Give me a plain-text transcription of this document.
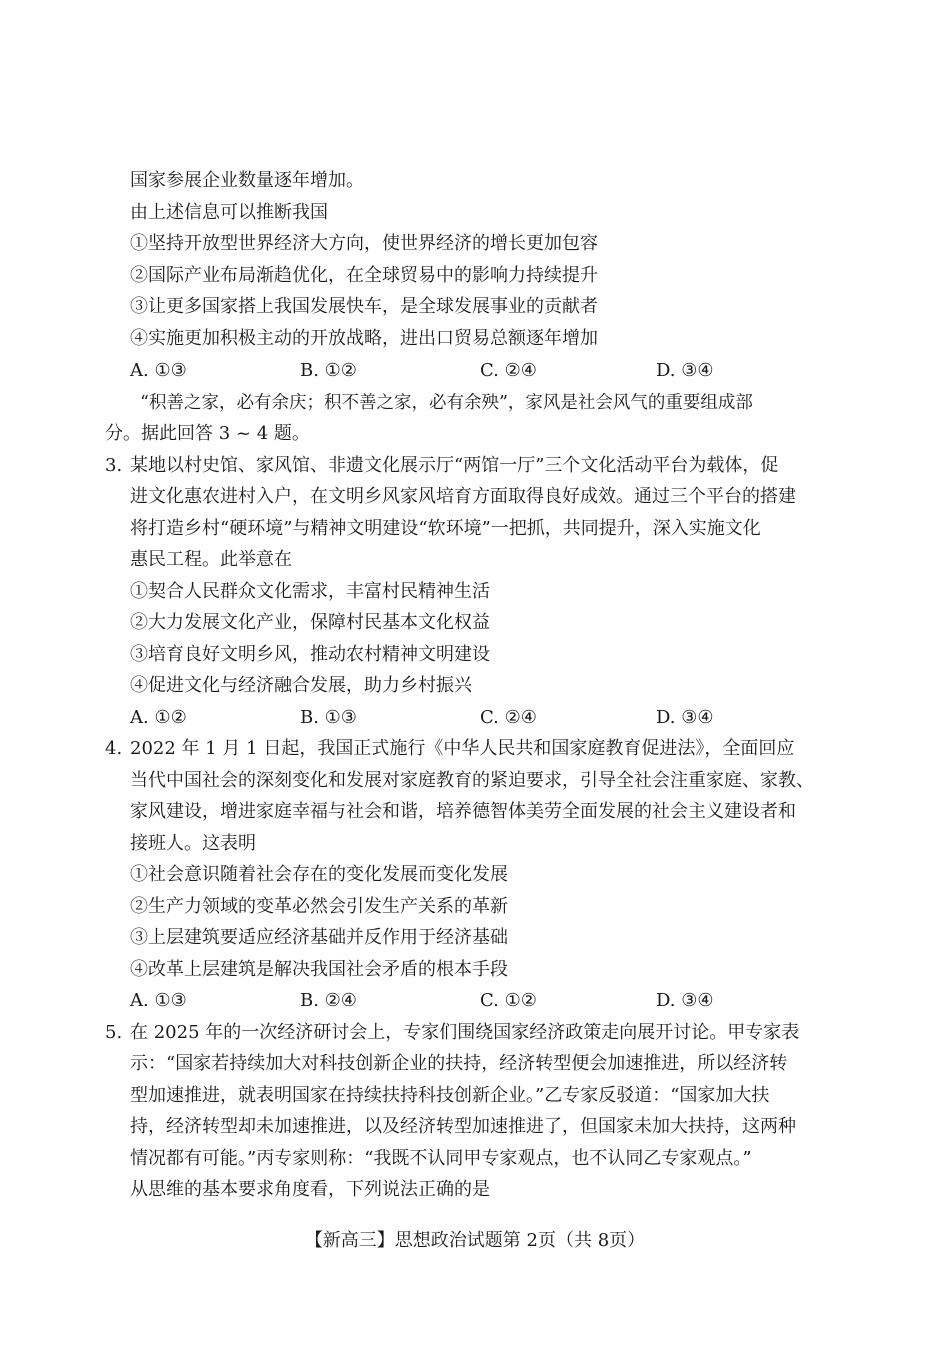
国家参展企业数量逐年增加。
由上述信息可以推断我国
①坚持开放型世界经济大方向，使世界经济的增长更加包容
②国际产业布局渐趋优化，在全球贸易中的影响力持续提升
③让更多国家搭上我国发展快车，是全球发展事业的贡献者
④实施更加积极主动的开放战略，进出口贸易总额逐年增加
A. ①③	B. ①②	C. ②④	D. ③④
“积善之家，必有余庆；积不善之家，必有余殃”，家风是社会风气的重要组成部
分。据此回答 3 ~ 4 题。
3. 某地以村史馆、家风馆、非遗文化展示厅“两馆一厅”三个文化活动平台为载体，促
进文化惠农进村入户，在文明乡风家风培育方面取得良好成效。通过三个平台的搭建
将打造乡村“硬环境”与精神文明建设“软环境”一把抓，共同提升，深入实施文化
惠民工程。此举意在
①契合人民群众文化需求，丰富村民精神生活
②大力发展文化产业，保障村民基本文化权益
③培育良好文明乡风，推动农村精神文明建设
④促进文化与经济融合发展，助力乡村振兴
A. ①②	B. ①③	C. ②④	D. ③④
4. 2022 年 1 月 1 日起，我国正式施行《中华人民共和国家庭教育促进法》，全面回应
当代中国社会的深刻变化和发展对家庭教育的紧迫要求，引导全社会注重家庭、家教、
家风建设，增进家庭幸福与社会和谐，培养德智体美劳全面发展的社会主义建设者和
接班人。这表明
①社会意识随着社会存在的变化发展而变化发展
②生产力领域的变革必然会引发生产关系的革新
③上层建筑要适应经济基础并反作用于经济基础
④改革上层建筑是解决我国社会矛盾的根本手段
A. ①③	B. ②④	C. ①②	D. ③④
5. 在 2025 年的一次经济研讨会上，专家们围绕国家经济政策走向展开讨论。甲专家表
示：“国家若持续加大对科技创新企业的扶持，经济转型便会加速推进，所以经济转
型加速推进，就表明国家在持续扶持科技创新企业。”乙专家反驳道：“国家加大扶
持，经济转型却未加速推进，以及经济转型加速推进了，但国家未加大扶持，这两种
情况都有可能。”丙专家则称：“我既不认同甲专家观点，也不认同乙专家观点。”
从思维的基本要求角度看，下列说法正确的是
【新高三】思想政治试题第 2页（共 8页）
